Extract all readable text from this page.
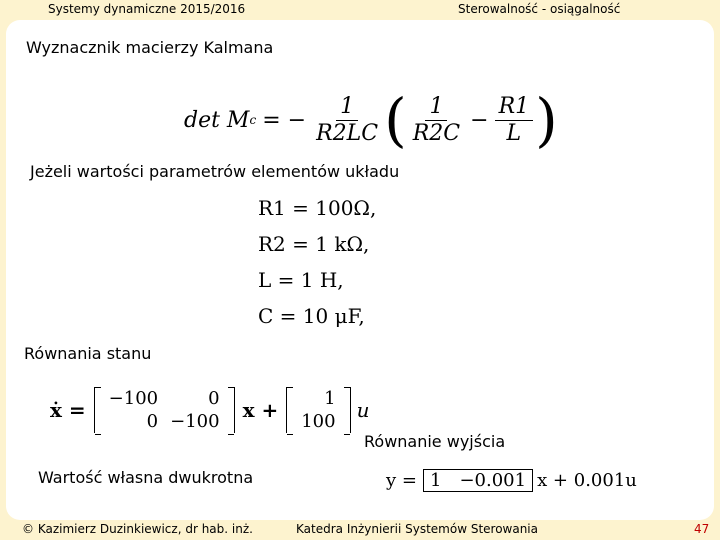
Systemy dynamiczne 2015/2016	Sterowalność - osiągalność
Wyznacznik macierzy Kalmana
det M c = − $\frac{1}{R2LC}$ ( $\frac{1}{R2C} - \frac{R1}{L}$ )
Jeżeli wartości parametrów elementów układu
R1 = 100Ω,
R2 = 1 kΩ,
L = 1 H,
C = 10 μF,
Równania stanu
ẋ = −100	0
0	−100 x +	1
100 u
Równanie wyjścia
Wartość własna dwukrotna	y = 1 −0.001 x + 0.001u
© Kazimierz Duzinkiewicz, dr hab. inż.	Katedra Inżynierii Systemów Sterowania	47
